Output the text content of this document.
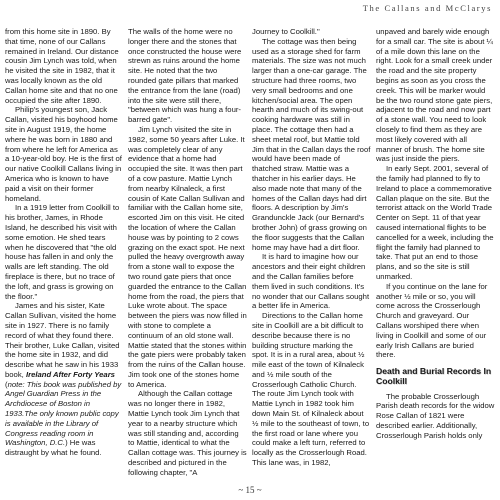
The Callans and McClarys

from this home site in 1890. By that time, none of our Callans remained in Ireland. Our distance cousin Jim Lynch was told, when he visited the site in 1982, that it was locally known as the old Callan home site and that no one occupied the site after 1890.

Philip's youngest son, Jack Callan, visited his boyhood home site in August 1919, the home where he was born in 1880 and from where he left for America as a 10-year-old boy. He is the first of our native Coolkill Callans living in America who is known to have paid a visit on their former homeland.

In a 1919 letter from Coolkill to his brother, James, in Rhode Island, he described his visit with some emotion. He shed tears when he discovered that "the old house has fallen in and only the walls are left standing. The old fireplace is there, but no trace of the loft, and grass is growing on the floor."

James and his sister, Kate Callan Sullivan, visited the home site in 1927. There is no family record of what they found there. Their brother, Luke Callan, visited the home site in 1932, and did describe what he saw in his 1933 book, Ireland After Forty Years (note: This book was published by Angel Guardian Press in the Archdiocese of Boston in 1933.The only known public copy is available in the Library of Congress reading room in Washington, D.C.) He was distraught by what he found.

The walls of the home were no longer there and the stones that once constructed the house were strewn as ruins around the home site. He noted that the two rounded gate pillars that marked the entrance from the lane (road) into the site were still there, "between which was hung a four-barred gate".

Jim Lynch visited the site in 1982, some 50 years after Luke. It was completely clear of any evidence that a home had occupied the site. It was then part of a cow pasture. Mattie Lynch from nearby Kilnaleck, a first cousin of Kate Callan Sullivan and familiar with the Callan home site, escorted Jim on this visit. He cited the location of where the Callan house was by pointing to 2 cows grazing on the exact spot. He next pulled the heavy overgrowth away from a stone wall to expose the two round gate piers that once guarded the entrance to the Callan home from the road, the piers that Luke wrote about. The space between the piers was now filled in with stone to complete a continuum of an old stone wall. Mattie stated that the stones within the gate piers were probably taken from the ruins of the Callan house. Jim took one of the stones home to America.

Although the Callan cottage was no longer there in 1982, Mattie Lynch took Jim Lynch that year to a nearby structure which was still standing and, according to Mattie, identical to what the Callan cottage was. This journey is described and pictured in the following chapter, "A

Journey to Coolkill."

The cottage was then being used as a storage shed for farm materials. The size was not much larger than a one-car garage. The structure had three rooms, two very small bedrooms and one kitchen/social area. The open hearth and much of its swing-out cooking hardware was still in place. The cottage then had a sheet metal roof, but Mattie told Jim that in the Callan days the roof would have been made of thatched straw. Mattie was a thatcher in his earlier days. He also made note that many of the homes of the Callan days had dirt floors. A description by Jim's Grandunckle Jack (our Bernard's brother John) of grass growing on the floor suggests that the Callan home may have had a dirt floor.

It is hard to imagine how our ancestors and their eight children and the Callan families before them lived in such conditions. It's no wonder that our Callans sought a better life in America.

Directions to the Callan home site in Coolkill are a bit difficult to describe because there is no building structure marking the spot. It is in a rural area, about ½ mile east of the town of Kilnaleck and ½ mile south of the Crosserlough Catholic Church. The route Jim Lynch took with Mattie Lynch in 1982 took him down Main St. of Kilnaleck about ½ mile to the southeast of town, to the first road or lane where you could make a left turn, referred to locally as the Crosserlough Road. This lane was, in 1982,

unpaved and barely wide enough for a small car. The site is about ¼ of a mile down this lane on the right. Look for a small creek under the road and the site property begins as soon as you cross the creek. This will be marker would be the two round stone gate piers, adjacent to the road and now part of a stone wall. You need to look closely to find them as they are most likely covered with all manner of brush. The home site was just inside the piers.

In early Sept. 2001, several of the family had planned to fly to Ireland to place a commemorative Callan plaque on the site. But the terrorist attack on the World Trade Center on Sept. 11 of that year caused international flights to be cancelled for a week, including the flight the family had planned to take. That put an end to those plans, and so the site is still unmarked.

If you continue on the lane for another ½ mile or so, you will come across the Crosserlough Church and graveyard. Our Callans worshiped there when living in Coolkill and some of our early Irish Callans are buried there.

Death and Burial Records In Coolkill

The probable Crosserlough Parish death records for the widow Rose Callan of 1821 were described earlier. Additionally, Crosserlough Parish holds only

~ 15 ~
